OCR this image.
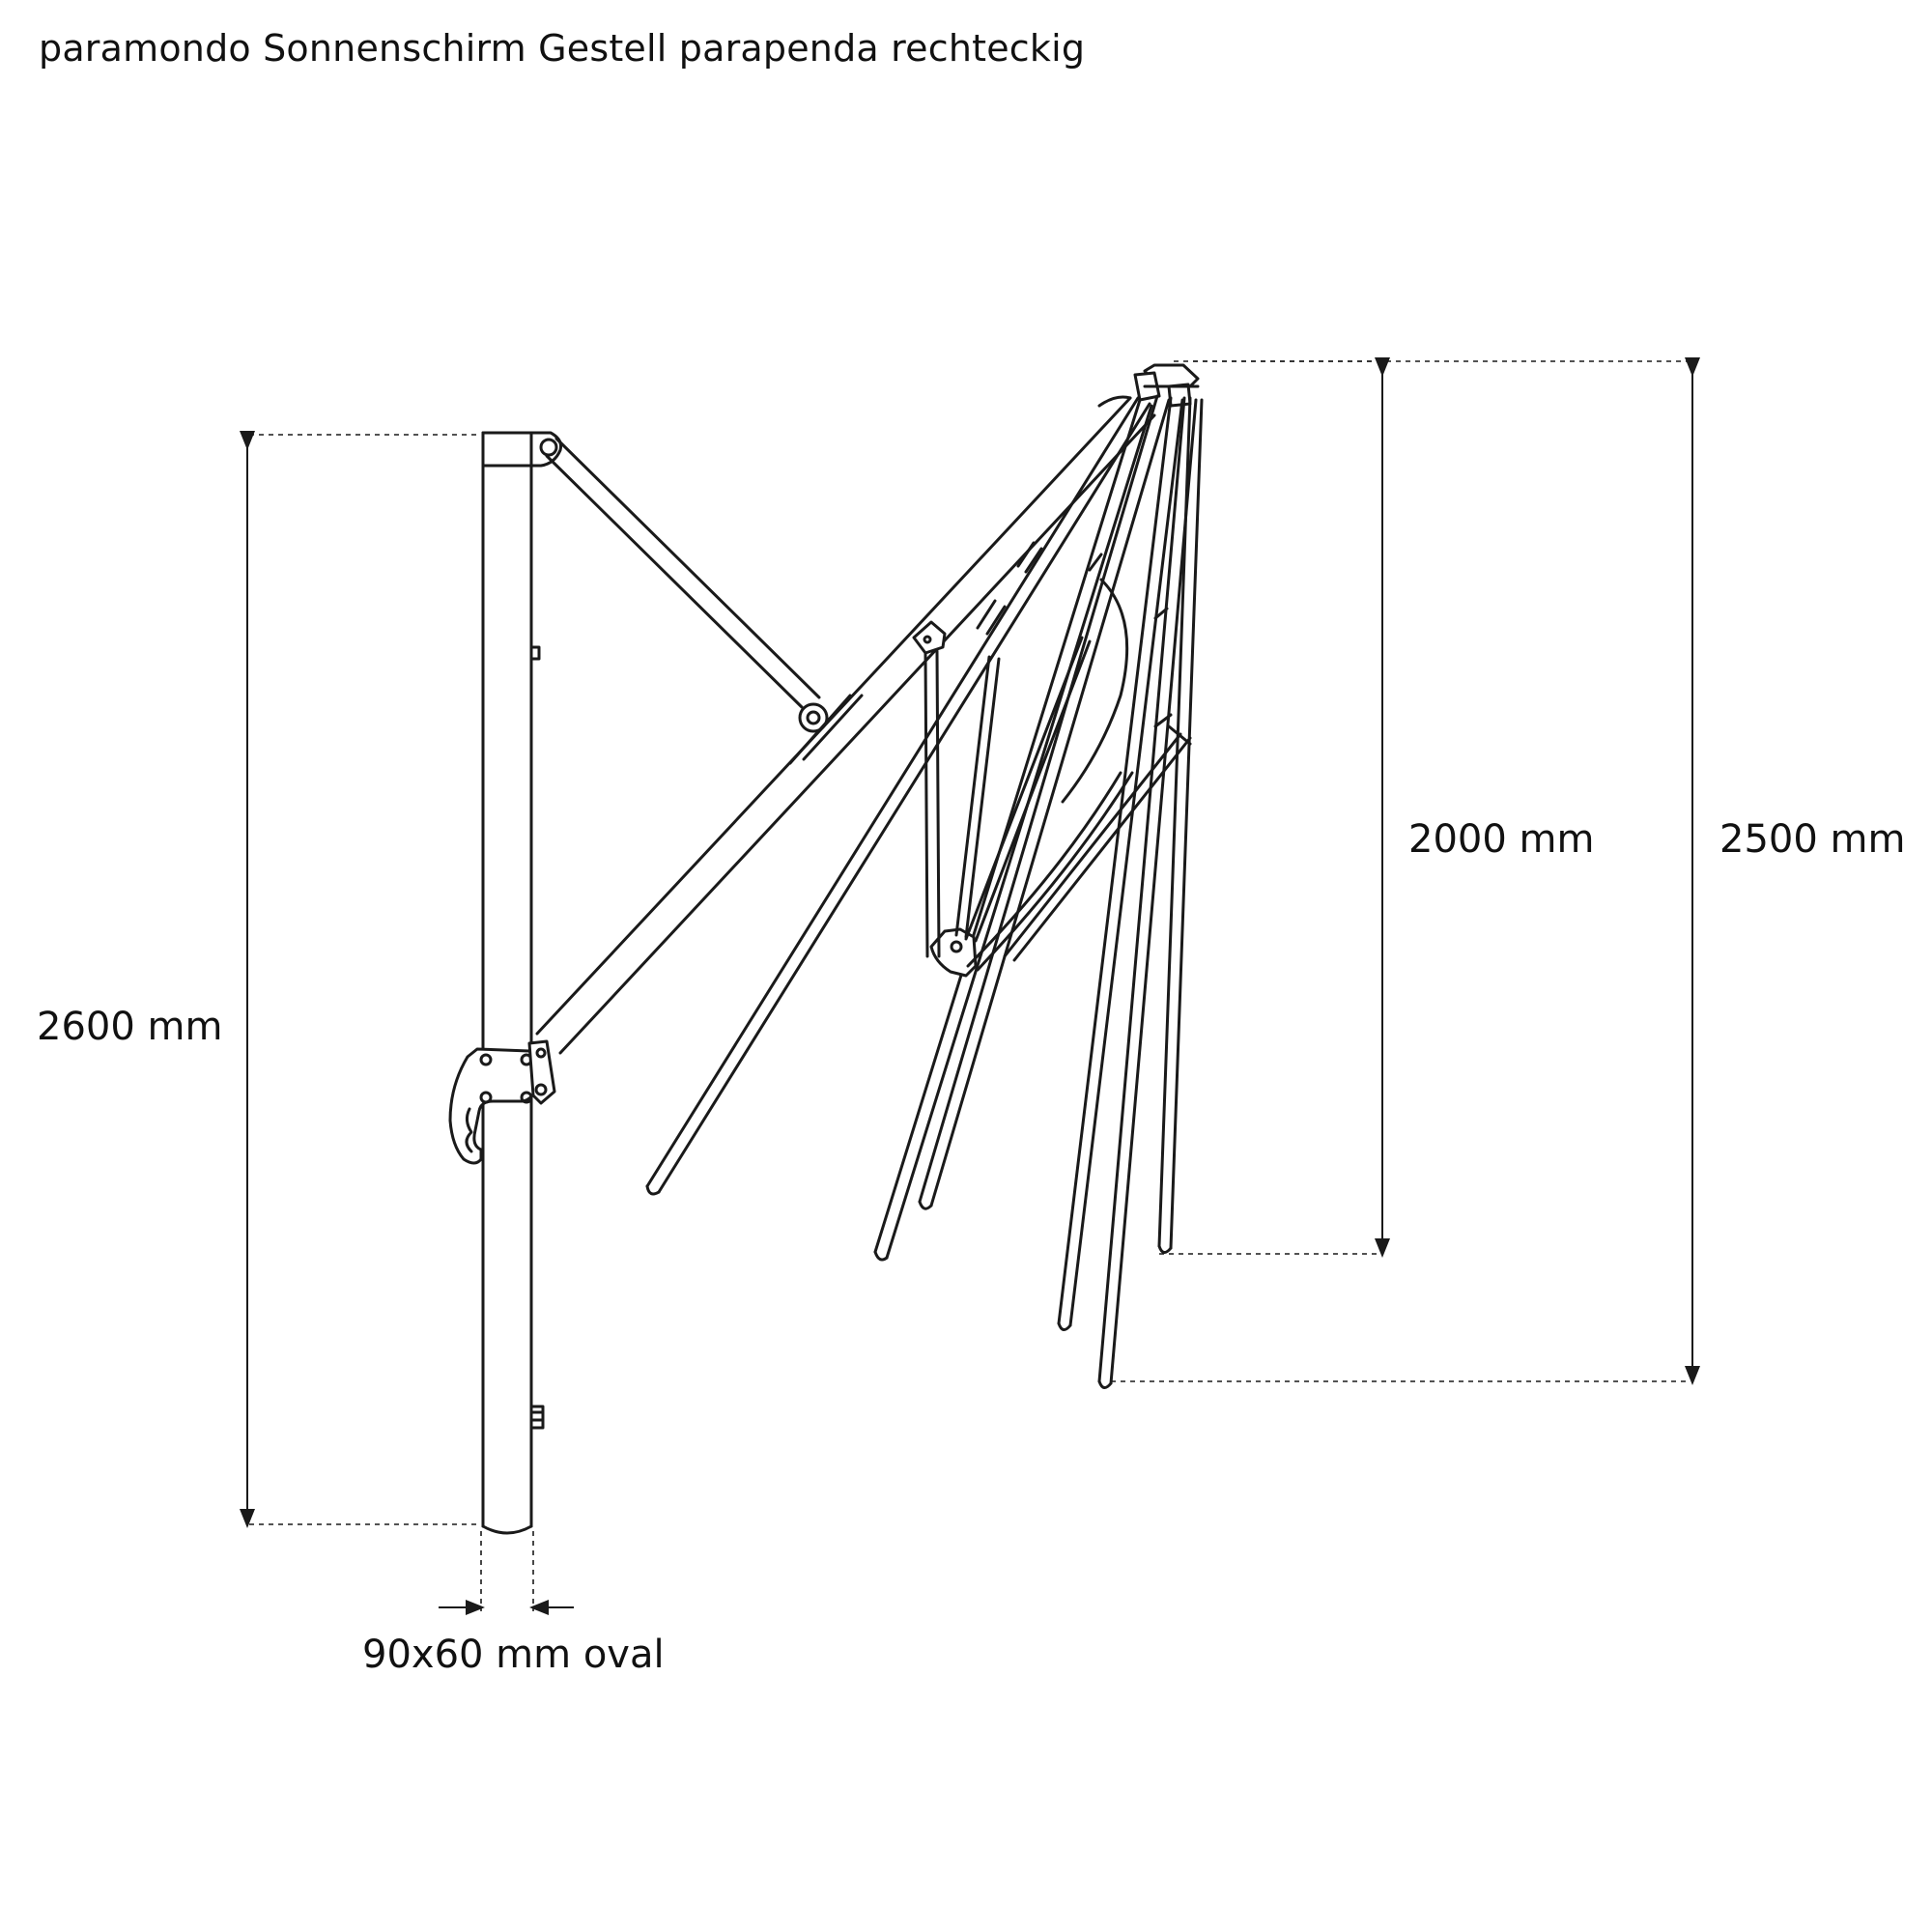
paramondo Sonnenschirm Gestell parapenda rechteckig
2600 mm
2000 mm	2500 mm
90x60 mm oval
